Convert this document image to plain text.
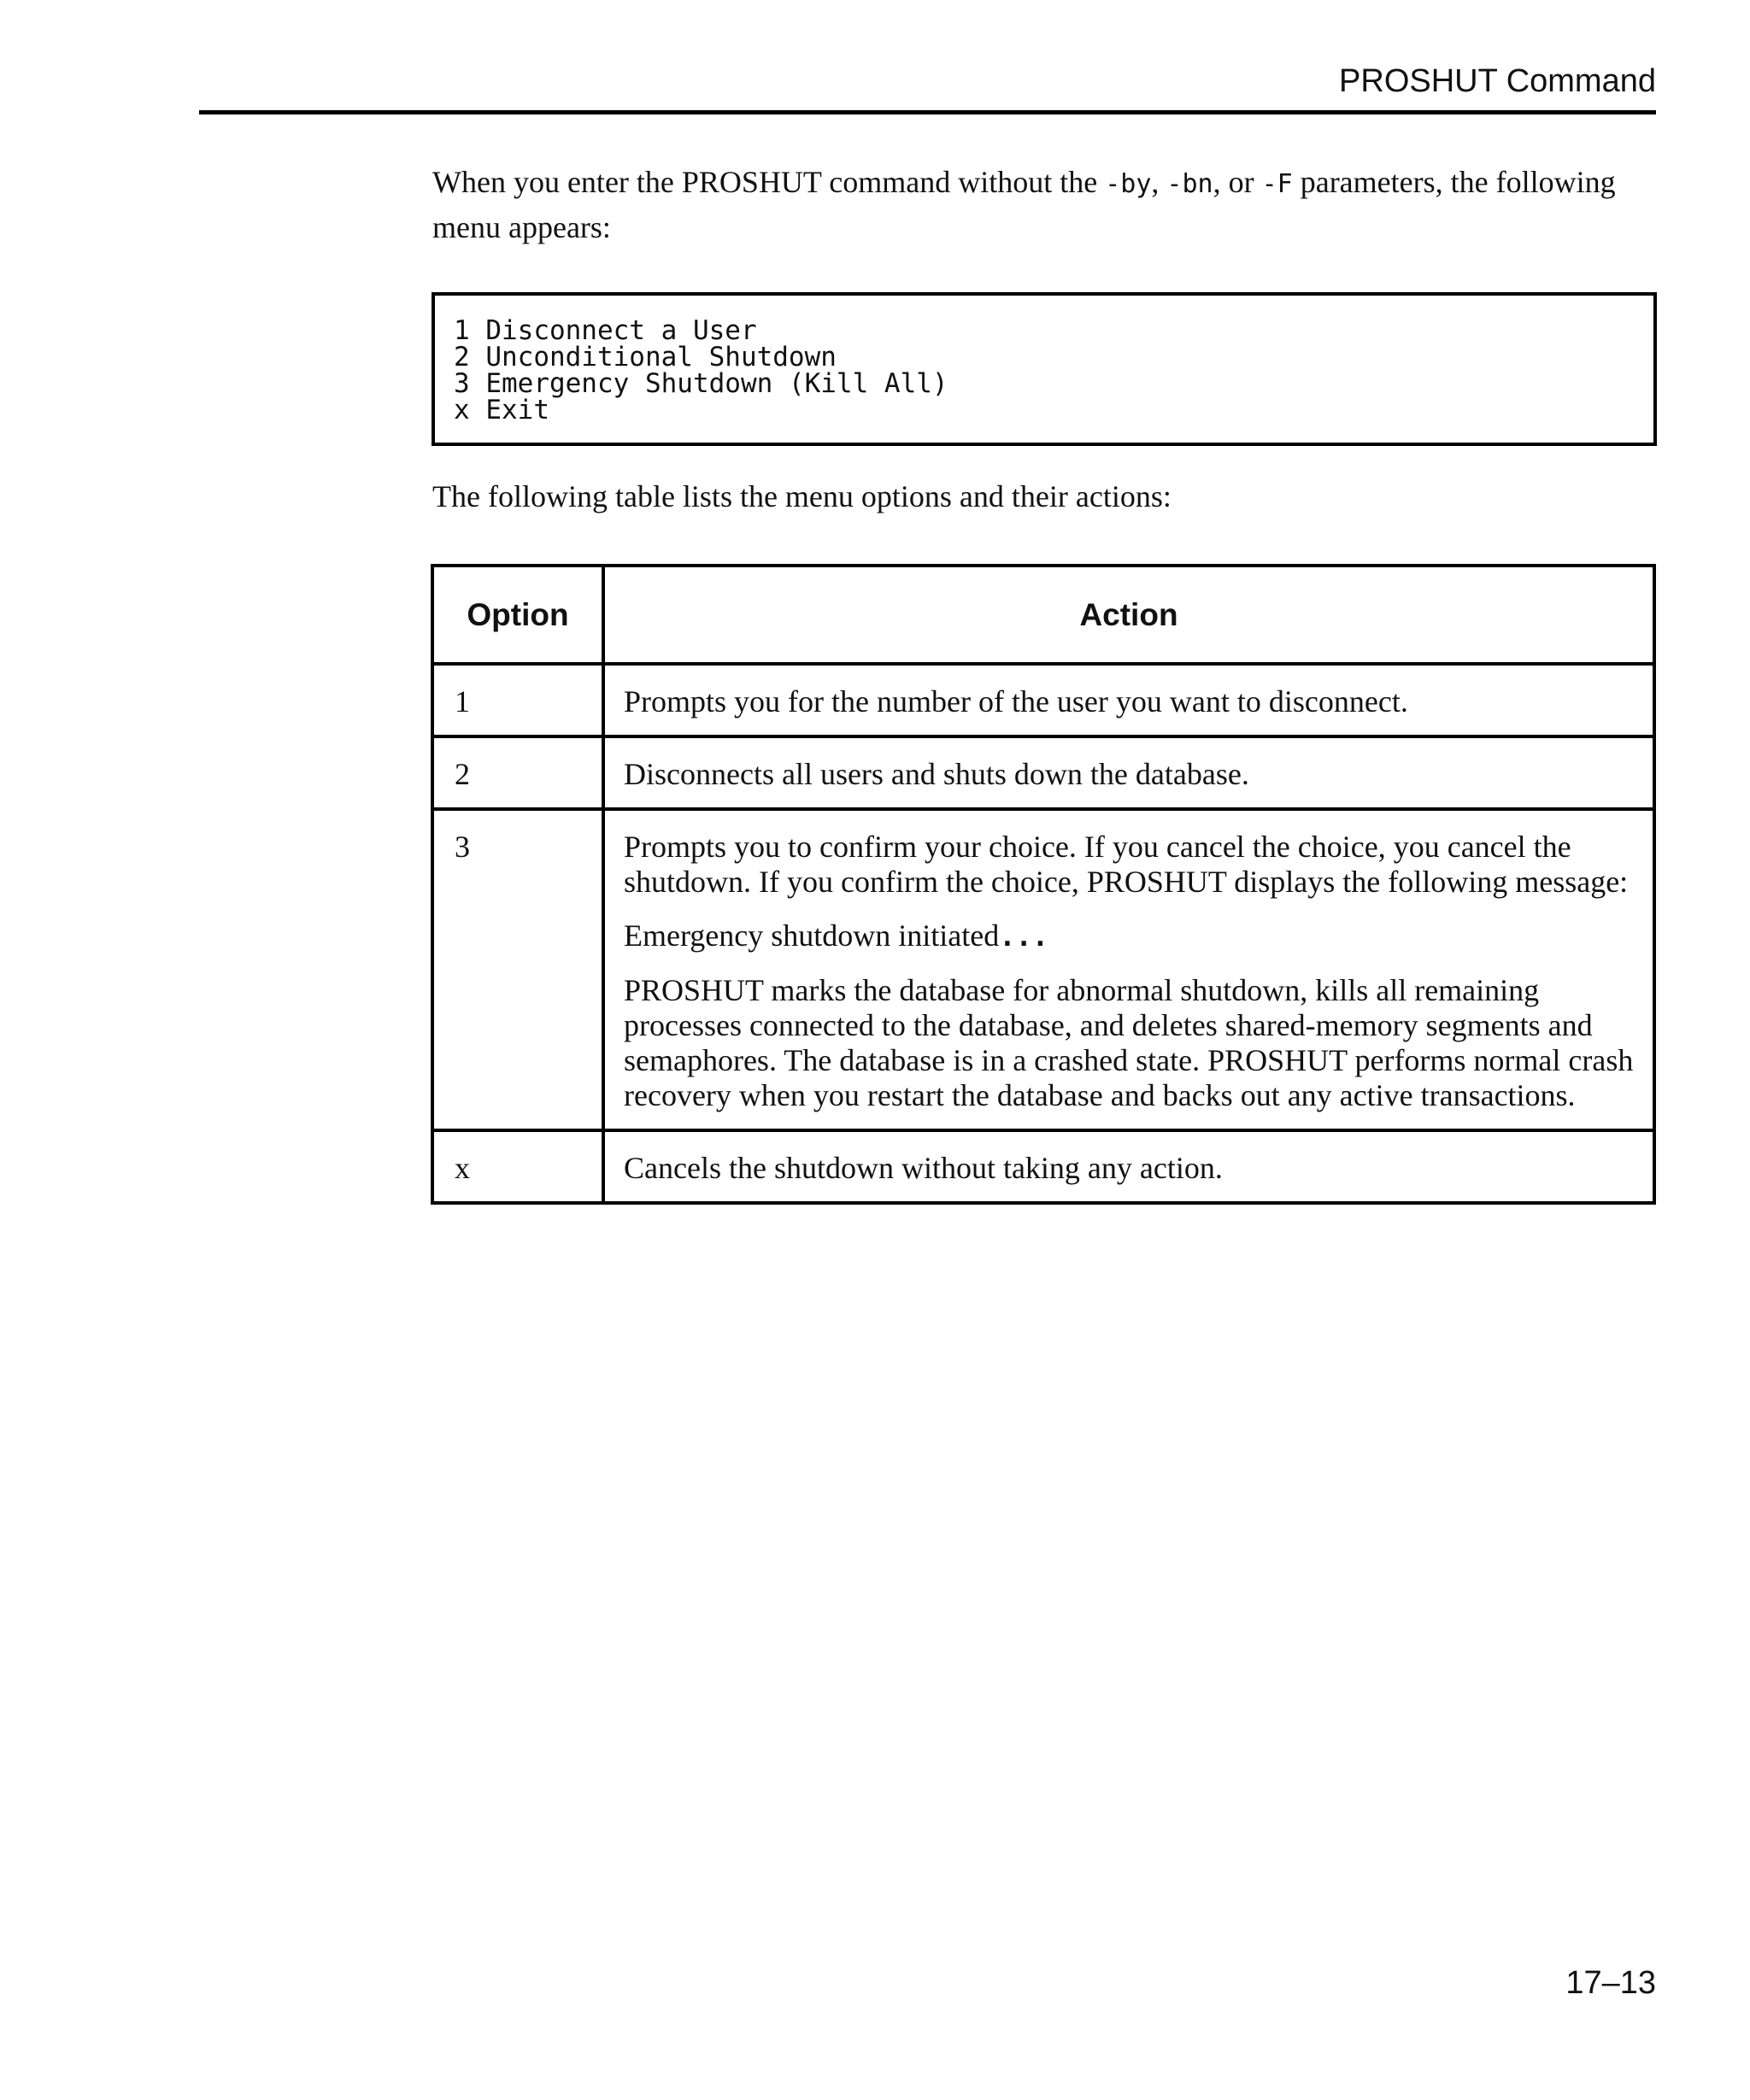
PROSHUT Command

When you enter the PROSHUT command without the -by, -bn, or -F parameters, the following menu appears:

1 Disconnect a User
2 Unconditional Shutdown
3 Emergency Shutdown (Kill All)
x Exit

The following table lists the menu options and their actions:

Option	Action
1	Prompts you for the number of the user you want to disconnect.

2	Disconnects all users and shuts down the database.

3	Prompts you to confirm your choice. If you cancel the choice, you cancel the shutdown. If you confirm the choice, PROSHUT displays the following message:

Emergency shutdown initiated...

PROSHUT marks the database for abnormal shutdown, kills all remaining processes connected to the database, and deletes shared-memory segments and semaphores. The database is in a crashed state. PROSHUT performs normal crash recovery when you restart the database and backs out any active transactions.

x	Cancels the shutdown without taking any action.

17–13
